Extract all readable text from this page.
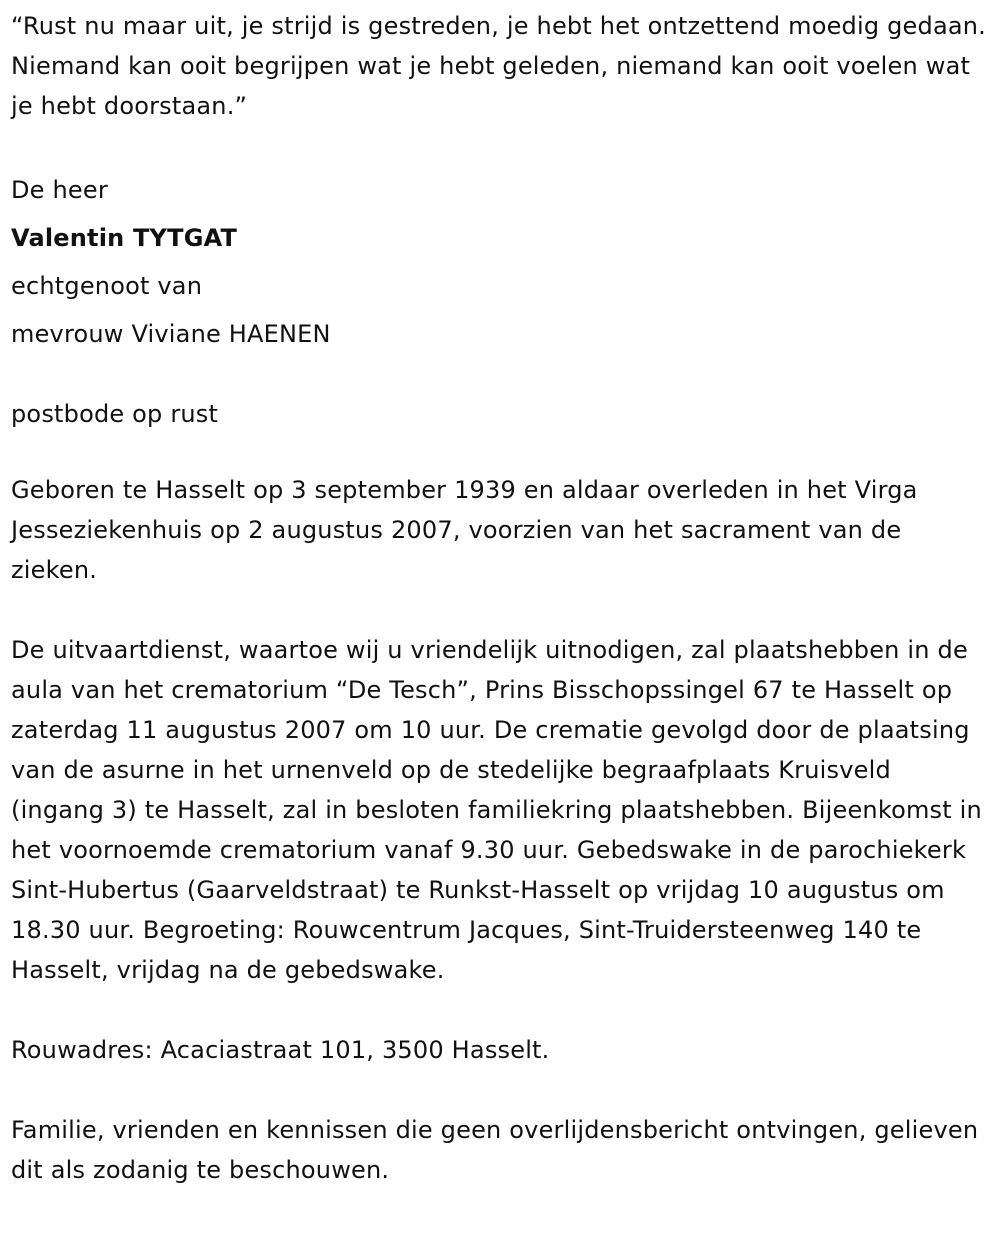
“Rust nu maar uit, je strijd is gestreden, je hebt het ontzettend moedig gedaan. Niemand kan ooit begrijpen wat je hebt geleden, niemand kan ooit voelen wat je hebt doorstaan.”

De heer

Valentin TYTGAT

echtgenoot van

mevrouw Viviane HAENEN

postbode op rust

Geboren te Hasselt op 3 september 1939 en aldaar overleden in het Virga Jesseziekenhuis op 2 augustus 2007, voorzien van het sacrament van de zieken.

De uitvaartdienst, waartoe wij u vriendelijk uitnodigen, zal plaatshebben in de aula van het crematorium “De Tesch”, Prins Bisschopssingel 67 te Hasselt op zaterdag 11 augustus 2007 om 10 uur. De crematie gevolgd door de plaatsing van de asurne in het urnenveld op de stedelijke begraafplaats Kruisveld (ingang 3) te Hasselt, zal in besloten familiekring plaatshebben. Bijeenkomst in het voornoemde crematorium vanaf 9.30 uur. Gebedswake in de parochiekerk Sint-Hubertus (Gaarveldstraat) te Runkst-Hasselt op vrijdag 10 augustus om 18.30 uur. Begroeting: Rouwcentrum Jacques, Sint-Truidersteenweg 140 te Hasselt, vrijdag na de gebedswake.

Rouwadres: Acaciastraat 101, 3500 Hasselt.

Familie, vrienden en kennissen die geen overlijdensbericht ontvingen, gelieven dit als zodanig te beschouwen.
